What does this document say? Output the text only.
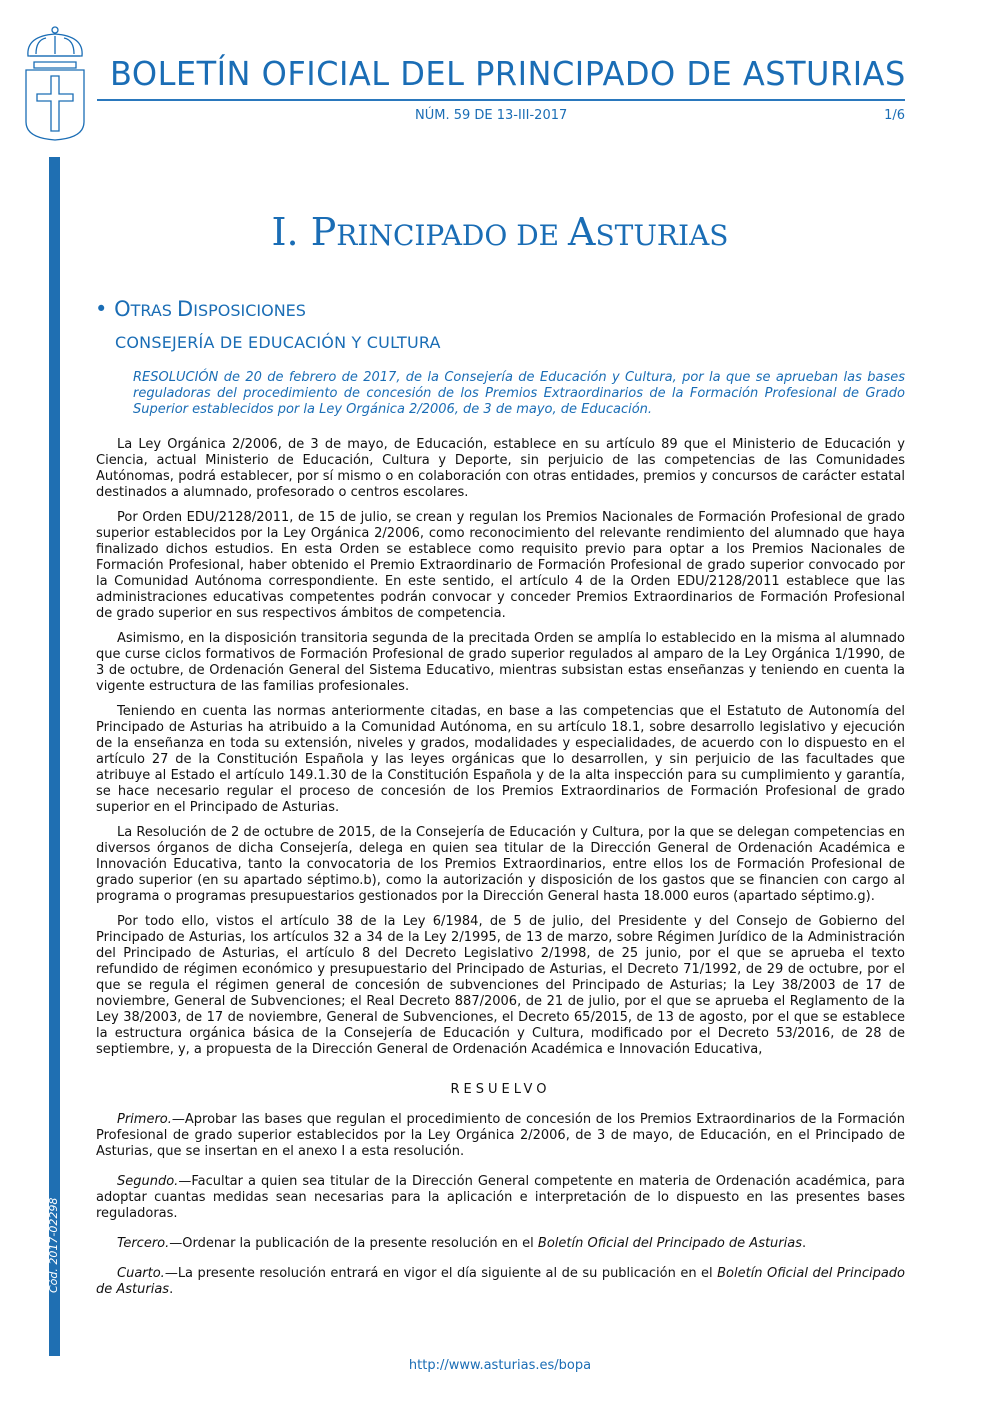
BOLETÍN OFICIAL DEL PRINCIPADO DE ASTURIAS
NÚM. 59 DE 13-III-2017	1/6
Cód. 2017-02298
I. PRINCIPADO DE ASTURIAS
• OTRAS DISPOSICIONES
CONSEJERÍA DE EDUCACIÓN Y CULTURA
RESOLUCIÓN de 20 de febrero de 2017, de la Consejería de Educación y Cultura, por la que se aprueban las bases reguladoras del procedimiento de concesión de los Premios Extraordinarios de la Formación Profesional de Grado Superior establecidos por la Ley Orgánica 2/2006, de 3 de mayo, de Educación.

La Ley Orgánica 2/2006, de 3 de mayo, de Educación, establece en su artículo 89 que el Ministerio de Educación y Ciencia, actual Ministerio de Educación, Cultura y Deporte, sin perjuicio de las competencias de las Comunidades Autónomas, podrá establecer, por sí mismo o en colaboración con otras entidades, premios y concursos de carácter estatal destinados a alumnado, profesorado o centros escolares.

Por Orden EDU/2128/2011, de 15 de julio, se crean y regulan los Premios Nacionales de Formación Profesional de grado superior establecidos por la Ley Orgánica 2/2006, como reconocimiento del relevante rendimiento del alumnado que haya finalizado dichos estudios. En esta Orden se establece como requisito previo para optar a los Premios Nacionales de Formación Profesional, haber obtenido el Premio Extraordinario de Formación Profesional de grado superior convocado por la Comunidad Autónoma correspondiente. En este sentido, el artículo 4 de la Orden EDU/2128/2011 establece que las administraciones educativas competentes podrán convocar y conceder Premios Extraordinarios de Formación Profesional de grado superior en sus respectivos ámbitos de competencia.

Asimismo, en la disposición transitoria segunda de la precitada Orden se amplía lo establecido en la misma al alumnado que curse ciclos formativos de Formación Profesional de grado superior regulados al amparo de la Ley Orgánica 1/1990, de 3 de octubre, de Ordenación General del Sistema Educativo, mientras subsistan estas enseñanzas y teniendo en cuenta la vigente estructura de las familias profesionales.

Teniendo en cuenta las normas anteriormente citadas, en base a las competencias que el Estatuto de Autonomía del Principado de Asturias ha atribuido a la Comunidad Autónoma, en su artículo 18.1, sobre desarrollo legislativo y ejecución de la enseñanza en toda su extensión, niveles y grados, modalidades y especialidades, de acuerdo con lo dispuesto en el artículo 27 de la Constitución Española y las leyes orgánicas que lo desarrollen, y sin perjuicio de las facultades que atribuye al Estado el artículo 149.1.30 de la Constitución Española y de la alta inspección para su cumplimiento y garantía, se hace necesario regular el proceso de concesión de los Premios Extraordinarios de Formación Profesional de grado superior en el Principado de Asturias.

La Resolución de 2 de octubre de 2015, de la Consejería de Educación y Cultura, por la que se delegan competencias en diversos órganos de dicha Consejería, delega en quien sea titular de la Dirección General de Ordenación Académica e Innovación Educativa, tanto la convocatoria de los Premios Extraordinarios, entre ellos los de Formación Profesional de grado superior (en su apartado séptimo.b), como la autorización y disposición de los gastos que se financien con cargo al programa o programas presupuestarios gestionados por la Dirección General hasta 18.000 euros (apartado séptimo.g).

Por todo ello, vistos el artículo 38 de la Ley 6/1984, de 5 de julio, del Presidente y del Consejo de Gobierno del Principado de Asturias, los artículos 32 a 34 de la Ley 2/1995, de 13 de marzo, sobre Régimen Jurídico de la Administración del Principado de Asturias, el artículo 8 del Decreto Legislativo 2/1998, de 25 junio, por el que se aprueba el texto refundido de régimen económico y presupuestario del Principado de Asturias, el Decreto 71/1992, de 29 de octubre, por el que se regula el régimen general de concesión de subvenciones del Principado de Asturias; la Ley 38/2003 de 17 de noviembre, General de Subvenciones; el Real Decreto 887/2006, de 21 de julio, por el que se aprueba el Reglamento de la Ley 38/2003, de 17 de noviembre, General de Subvenciones, el Decreto 65/2015, de 13 de agosto, por el que se establece la estructura orgánica básica de la Consejería de Educación y Cultura, modificado por el Decreto 53/2016, de 28 de septiembre, y, a propuesta de la Dirección General de Ordenación Académica e Innovación Educativa,

RESUELVO

Primero.—Aprobar las bases que regulan el procedimiento de concesión de los Premios Extraordinarios de la Formación Profesional de grado superior establecidos por la Ley Orgánica 2/2006, de 3 de mayo, de Educación, en el Principado de Asturias, que se insertan en el anexo I a esta resolución.

Segundo.—Facultar a quien sea titular de la Dirección General competente en materia de Ordenación académica, para adoptar cuantas medidas sean necesarias para la aplicación e interpretación de lo dispuesto en las presentes bases reguladoras.

Tercero.—Ordenar la publicación de la presente resolución en el Boletín Oficial del Principado de Asturias.

Cuarto.—La presente resolución entrará en vigor el día siguiente al de su publicación en el Boletín Oficial del Principado de Asturias.

http://www.asturias.es/bopa
